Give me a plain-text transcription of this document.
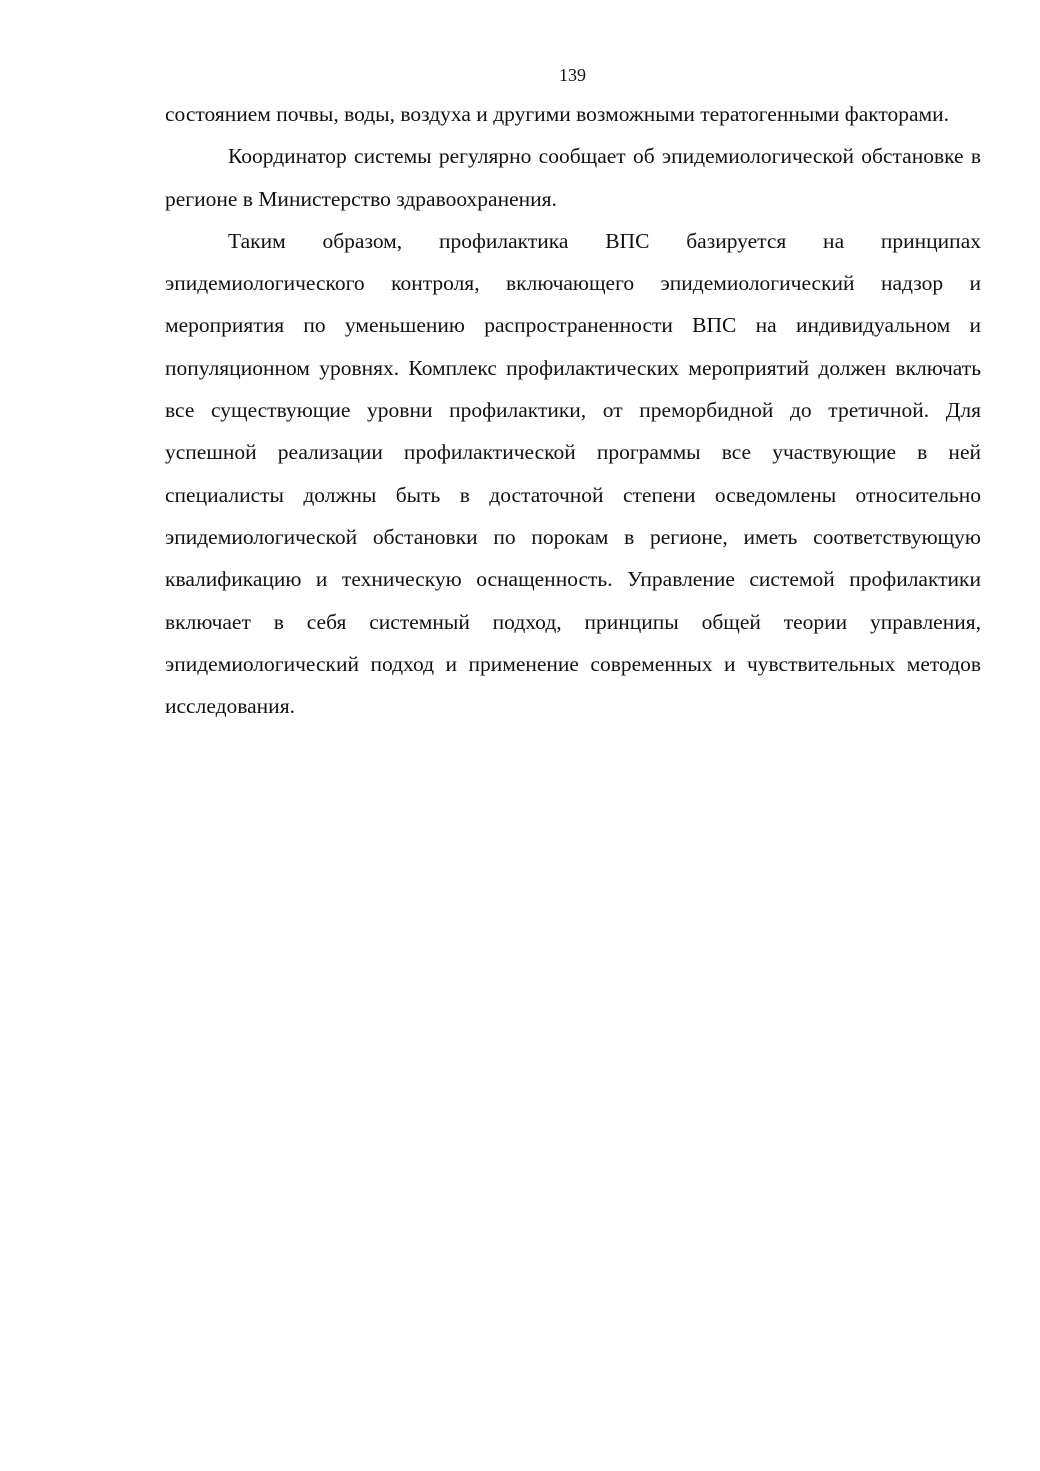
139

состоянием почвы, воды, воздуха и другими возможными тератогенными факторами.

Координатор системы регулярно сообщает об эпидемиологической обстановке в регионе в Министерство здравоохранения.

Таким образом, профилактика ВПС базируется на принципах эпидемиологического контроля, включающего эпидемиологический надзор и мероприятия по уменьшению распространенности ВПС на индивидуальном и популяционном уровнях. Комплекс профилактических мероприятий должен включать все существующие уровни профилактики, от преморбидной до третичной. Для успешной реализации профилактической программы все участвующие в ней специалисты должны быть в достаточной степени осведомлены относительно эпидемиологической обстановки по порокам в регионе, иметь соответствующую квалификацию и техническую оснащенность. Управление системой профилактики включает в себя системный подход, принципы общей теории управления, эпидемиологический подход и применение современных и чувствительных методов исследования.
